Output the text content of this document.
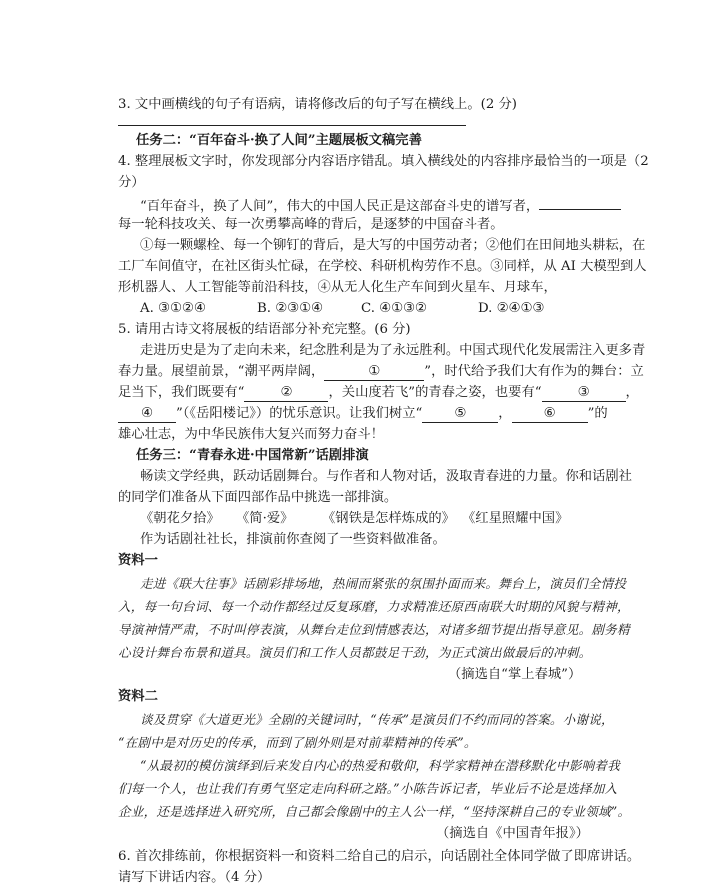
3. 文中画横线的句子有语病，请将修改后的句子写在横线上。(2 分)
任务二：“百年奋斗·换了人间”主题展板文稿完善
4. 整理展板文字时，你发现部分内容语序错乱。填入横线处的内容排序最恰当的一项是（2
分）
“百年奋斗，换了人间”，伟大的中国人民正是这部奋斗史的谱写者，
每一轮科技攻关、每一次勇攀高峰的背后，是逐梦的中国奋斗者。
①每一颗螺栓、每一个铆钉的背后，是大写的中国劳动者；②他们在田间地头耕耘，在
工厂车间值守，在社区街头忙碌，在学校、科研机构劳作不息。③同样，从 AI 大模型到人
形机器人、人工智能等前沿科技，④从无人化生产车间到火星车、月球车，
A. ③①②④	B. ②③①④	C. ④①③②	D. ②④①③
5. 请用古诗文将展板的结语部分补充完整。(6 分)
走进历史是为了走向未来，纪念胜利是为了永远胜利。中国式现代化发展需注入更多青
春力量。展望前景，“潮平两岸阔，	①	”，时代给予我们大有作为的舞台：立
足当下，我们既要有“	②	，关山度若飞”的青春之姿，也要有“	③	，
④ ”（《岳阳楼记》）的忧乐意识。让我们树立“ ⑤ ， ⑥ ”的
雄心壮志，为中华民族伟大复兴而努力奋斗！
任务三：“青春永进·中国常新”话剧排演
畅读文学经典，跃动话剧舞台。与作者和人物对话，汲取青春进的力量。你和话剧社
的同学们准备从下面四部作品中挑选一部排演。
《朝花夕拾》 《简·爱》 《钢铁是怎样炼成的》 《红星照耀中国》
作为话剧社社长，排演前你查阅了一些资料做准备。
资料一
走进《联大往事》话剧彩排场地，热闹而紧张的氛围扑面而来。舞台上，演员们全情投
入，每一句台词、每一个动作都经过反复琢磨，力求精准还原西南联大时期的风貌与精神，
导演神情严肃，不时叫停表演，从舞台走位到情感表达，对诸多细节提出指导意见。剧务精
心设计舞台布景和道具。演员们和工作人员都鼓足干劲，为正式演出做最后的冲刺。
（摘选自“掌上春城”）
资料二
谈及贯穿《大道更光》全剧的关键词时，“传承”是演员们不约而同的答案。小谢说，
“在剧中是对历史的传承，而到了剧外则是对前辈精神的传承”。
“从最初的模仿演绎到后来发自内心的热爱和敬仰，科学家精神在潜移默化中影响着我
们每一个人，也让我们有勇气坚定走向科研之路。”小陈告诉记者，毕业后不论是选择加入
企业，还是选择进入研究所，自己都会像剧中的主人公一样，“坚持深耕自己的专业领域”。
（摘选自《中国青年报》）
6. 首次排练前，你根据资料一和资料二给自己的启示，向话剧社全体同学做了即席讲话。
请写下讲话内容。（4 分）
